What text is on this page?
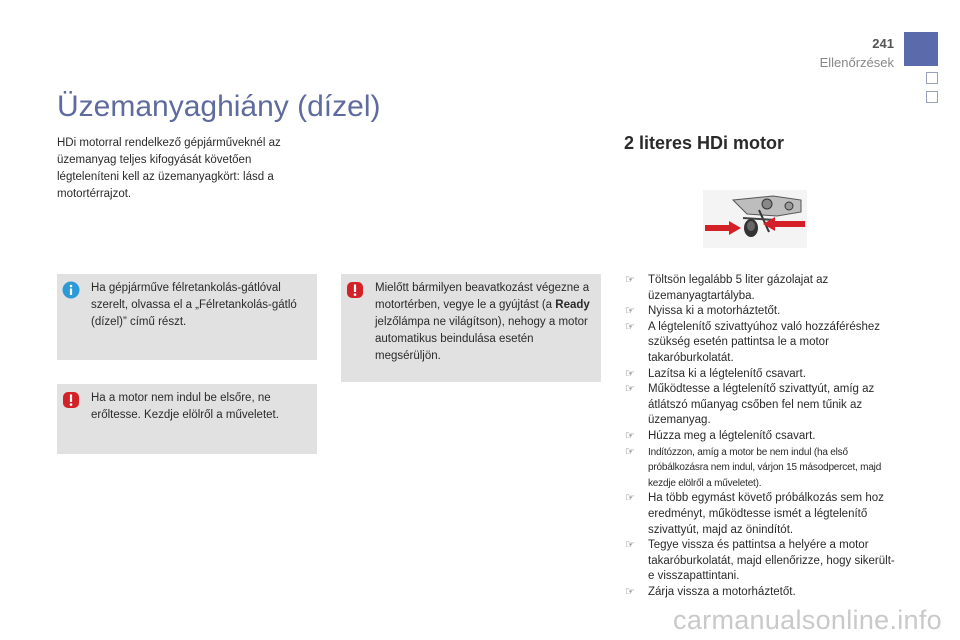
241
Ellenőrzések
Üzemanyaghiány (dízel)
HDi motorral rendelkező gépjárműveknél az üzemanyag teljes kifogyását követően légteleníteni kell az üzemanyagkört: lásd a motortérrajzot.
Ha gépjárműve félretankolás-gátlóval szerelt, olvassa el a „Félretankolás-gátló (dízel)” című részt.
Ha a motor nem indul be elsőre, ne erőltesse. Kezdje elölről a műveletet.
Mielőtt bármilyen beavatkozást végezne a motortérben, vegye le a gyújtást (a Ready jelzőlámpa ne világítson), nehogy a motor automatikus beindulása esetén megsérüljön.
2 literes HDi motor
☞ Töltsön legalább 5 liter gázolajat az üzemanyagtartályba.
☞ Nyissa ki a motorháztetőt.
☞ A légtelenítő szivattyúhoz való hozzáféréshez szükség esetén pattintsa le a motor takaróburkolatát.
☞ Lazítsa ki a légtelenítő csavart.
☞ Működtesse a légtelenítő szivattyút, amíg az átlátszó műanyag csőben fel nem tűnik az üzemanyag.
☞ Húzza meg a légtelenítő csavart.
☞ Indítózzon, amíg a motor be nem indul (ha első próbálkozásra nem indul, várjon 15 másodpercet, majd kezdje elölről a műveletet).
☞ Ha több egymást követő próbálkozás sem hoz eredményt, működtesse ismét a légtelenítő szivattyút, majd az önindítót.
☞ Tegye vissza és pattintsa a helyére a motor takaróburkolatát, majd ellenőrizze, hogy sikerült-e visszapattintani.
☞ Zárja vissza a motorháztetőt.
carmanualsonline.info
